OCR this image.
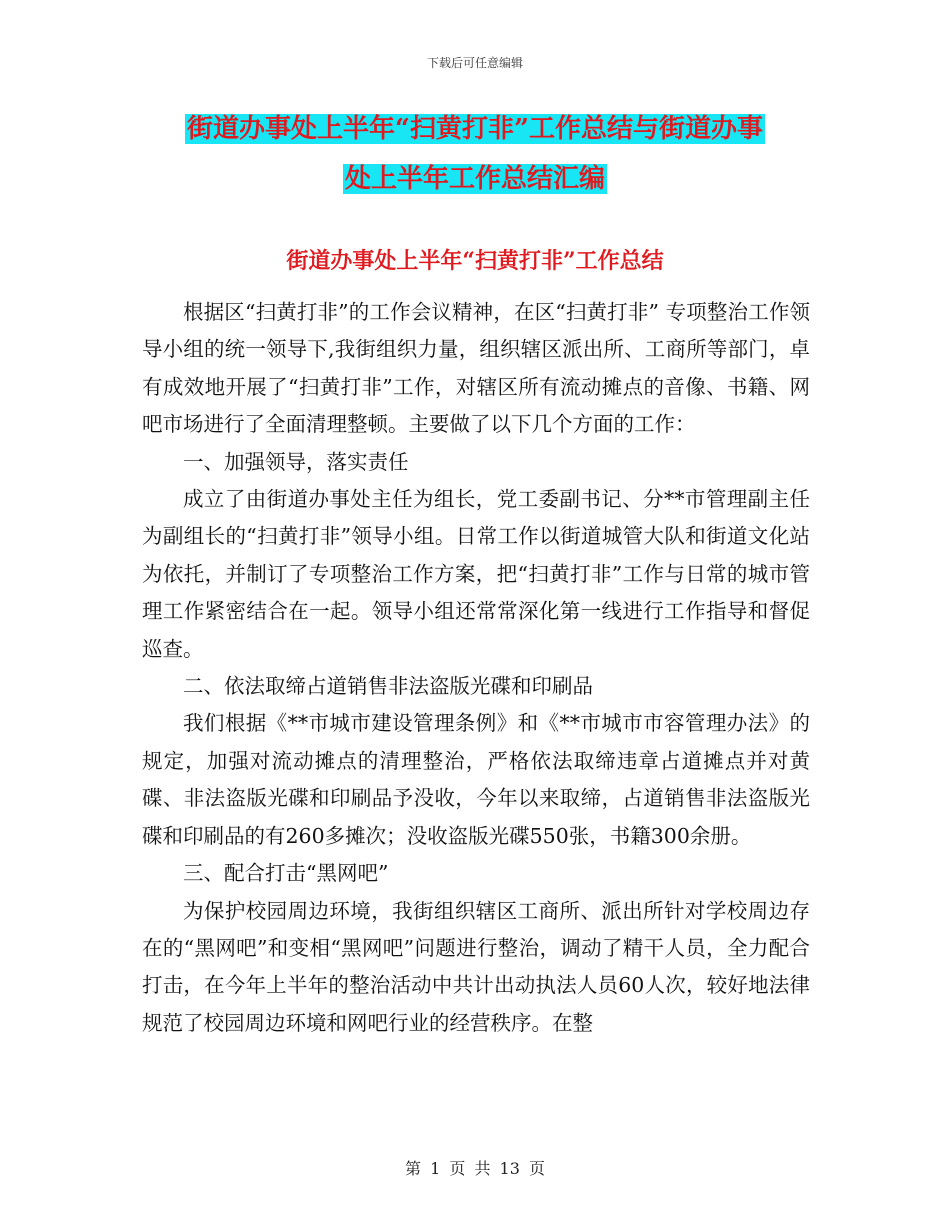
下载后可任意编辑
街道办事处上半年“扫黄打非”工作总结与街道办事
处上半年工作总结汇编
街道办事处上半年“扫黄打非”工作总结

根据区“扫黄打非”的工作会议精神，在区“扫黄打非” 专项整治工作领导小组的统一领导下,我街组织力量，组织辖区派出所、工商所等部门，卓有成效地开展了“扫黄打非”工作，对辖区所有流动摊点的音像、书籍、网吧市场进行了全面清理整顿。主要做了以下几个方面的工作：

一、加强领导，落实责任

成立了由街道办事处主任为组长，党工委副书记、分**市管理副主任为副组长的“扫黄打非”领导小组。日常工作以街道城管大队和街道文化站为依托，并制订了专项整治工作方案，把“扫黄打非”工作与日常的城市管理工作紧密结合在一起。领导小组还常常深化第一线进行工作指导和督促巡查。

二、依法取缔占道销售非法盗版光碟和印刷品

我们根据《**市城市建设管理条例》和《**市城市市容管理办法》的规定，加强对流动摊点的清理整治，严格依法取缔违章占道摊点并对黄碟、非法盗版光碟和印刷品予没收，今年以来取缔，占道销售非法盗版光碟和印刷品的有260多摊次；没收盗版光碟550张，书籍300余册。

三、配合打击“黑网吧”

为保护校园周边环境，我街组织辖区工商所、派出所针对学校周边存在的“黑网吧”和变相“黑网吧”问题进行整治，调动了精干人员，全力配合打击，在今年上半年的整治活动中共计出动执法人员60人次，较好地法律规范了校园周边环境和网吧行业的经营秩序。在整

第 1 页 共 13 页
